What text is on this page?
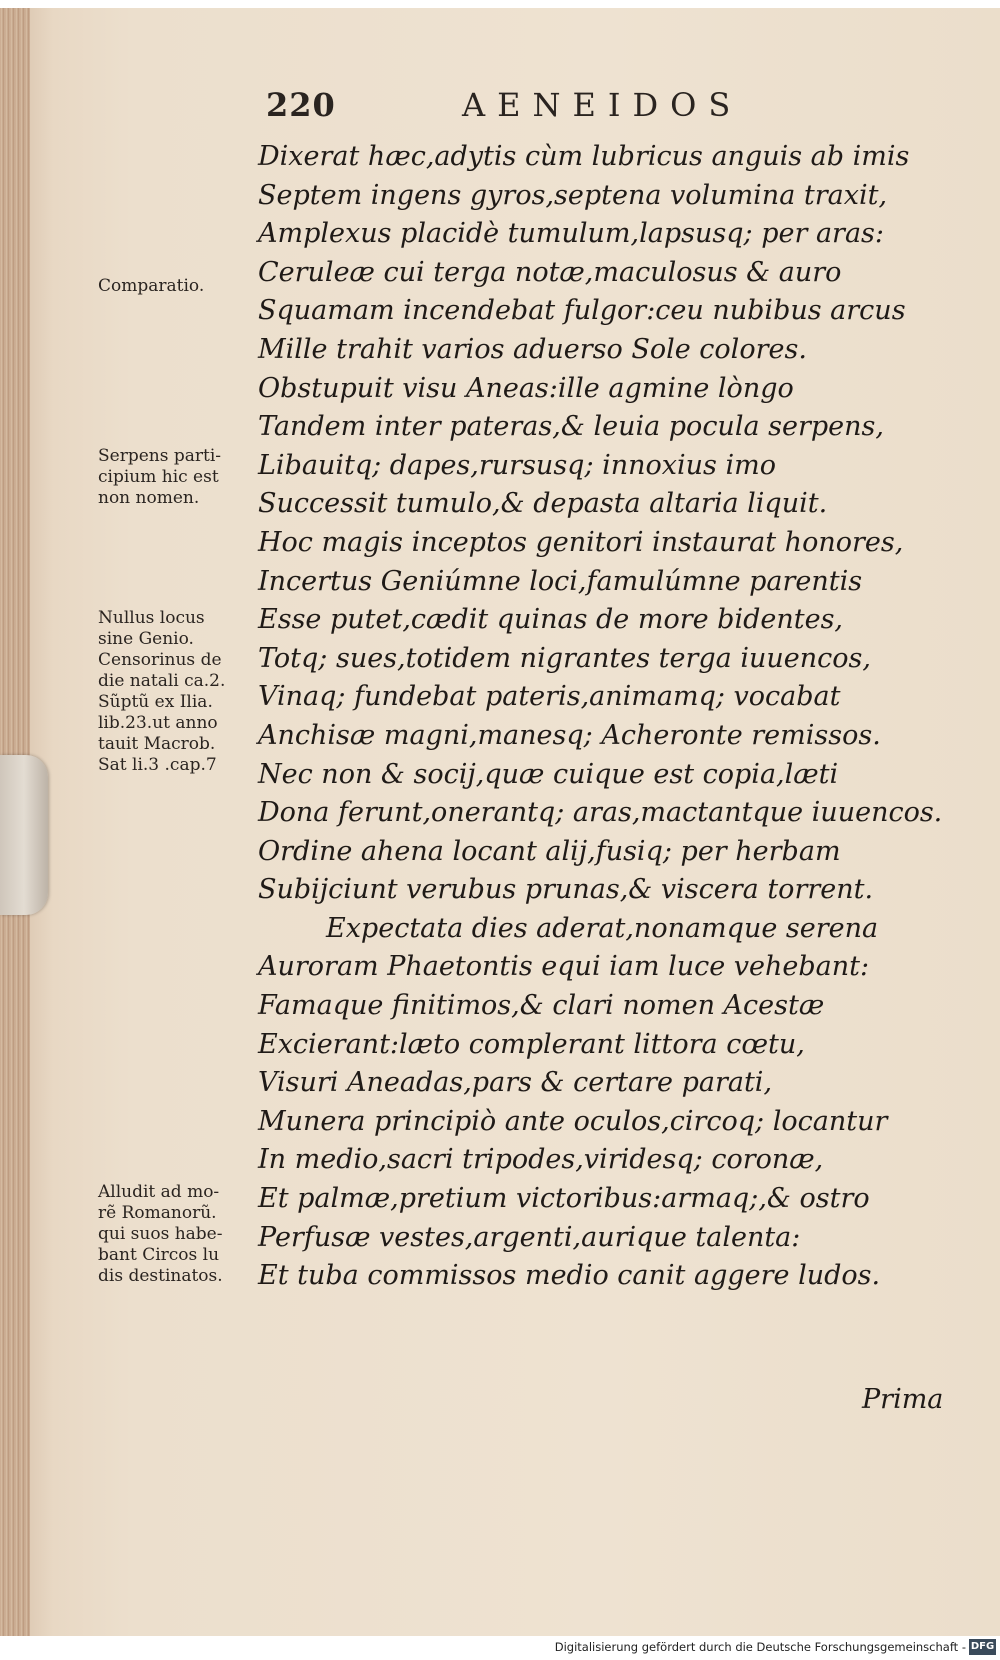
220	AENEIDOS
Dixerat hæc,adytis cùm lubricus anguis ab imis
Septem ingens gyros,septena volumina traxit,
Amplexus placidè tumulum,lapsusq; per aras:
Ceruleæ cui terga notæ,maculosus & auro
Squamam incendebat fulgor:ceu nubibus arcus
Mille trahit varios aduerso Sole colores.
Obstupuit visu Aneas:ille agmine lòngo
Tandem inter pateras,& leuia pocula serpens,
Libauitq; dapes,rursusq; innoxius imo
Successit tumulo,& depasta altaria liquit.
Hoc magis inceptos genitori instaurat honores,
Incertus Geniúmne loci,famulúmne parentis
Esse putet,cædit quinas de more bidentes,
Totq; sues,totidem nigrantes terga iuuencos,
Vinaq; fundebat pateris,animamq; vocabat
Anchisæ magni,manesq; Acheronte remissos.
Nec non & socij,quæ cuique est copia,læti
Dona ferunt,onerantq; aras,mactantque iuuencos.
Ordine ahena locant alij,fusiq; per herbam
Subijciunt verubus prunas,& viscera torrent.
Expectata dies aderat,nonamque serena
Auroram Phaetontis equi iam luce vehebant:
Famaque finitimos,& clari nomen Acestæ
Excierant:læto complerant littora cœtu,
Visuri Aneadas,pars & certare parati,
Munera principiò ante oculos,circoq; locantur
In medio,sacri tripodes,viridesq; coronæ,
Et palmæ,pretium victoribus:armaq;,& ostro
Perfusæ vestes,argenti,aurique talenta:
Et tuba commissos medio canit aggere ludos.
Prima
Comparatio.
Serpens parti-
cipium hic est
non nomen.
Nullus locus
sine Genio.
Censorinus de
die natali ca.2.
Sũptũ ex Ilia.
lib.23.ut anno
tauit Macrob.
Sat li.3 .cap.7
Alludit ad mo-
rẽ Romanorũ.
qui suos habe-
bant Circos lu
dis destinatos.
Digitalisierung gefördert durch die Deutsche Forschungsgemeinschaft - DFG
